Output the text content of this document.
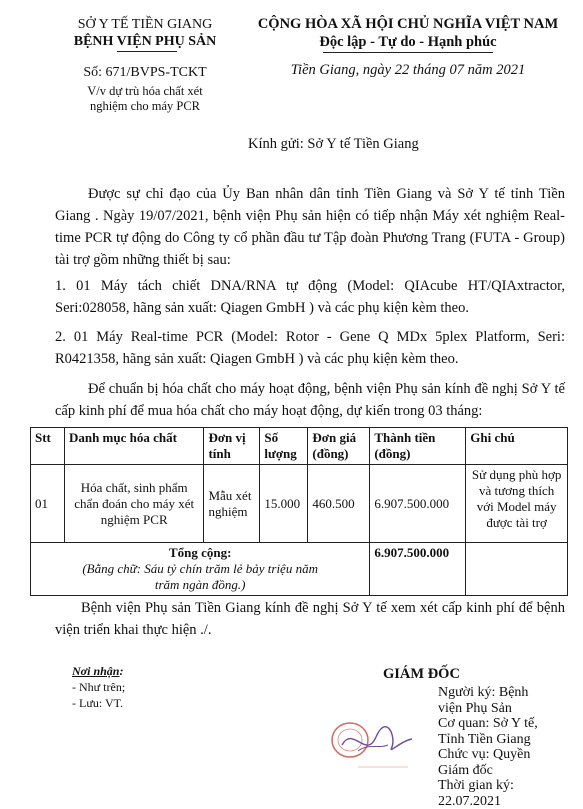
SỞ Y TẾ TIỀN GIANG
BỆNH VIỆN PHỤ SẢN
Số: 671/BVPS-TCKT
V/v dự trù hóa chất xét
nghiệm cho máy PCR
CỘNG HÒA XÃ HỘI CHỦ NGHĨA VIỆT NAM
Độc lập - Tự do - Hạnh phúc
Tiền Giang, ngày 22 tháng 07 năm 2021
Kính gửi: Sở Y tế Tiền Giang
Được sự chỉ đạo của Ủy Ban nhân dân tỉnh Tiền Giang và Sở Y tế tỉnh Tiền Giang . Ngày 19/07/2021, bệnh viện Phụ sản hiện có tiếp nhận Máy xét nghiệm Real-time PCR tự động do Công ty cổ phần đầu tư Tập đoàn Phương Trang (FUTA - Group) tài trợ gồm những thiết bị sau:
1. 01 Máy tách chiết DNA/RNA tự động (Model: QIAcube HT/QIAxtractor, Seri:028058, hãng sản xuất: Qiagen GmbH ) và các phụ kiện kèm theo.
2. 01 Máy Real-time PCR (Model: Rotor - Gene Q MDx 5plex Platform, Seri: R0421358, hãng sản xuất: Qiagen GmbH ) và các phụ kiện kèm theo.
Để chuẩn bị hóa chất cho máy hoạt động, bệnh viện Phụ sản kính đề nghị Sở Y tế cấp kinh phí để mua hóa chất cho máy hoạt động, dự kiến trong 03 tháng:
Stt	Danh mục hóa chất	Đơn vị tính	Số lượng	Đơn giá (đồng)	Thành tiền (đồng)	Ghi chú
01	Hóa chất, sinh phẩm chẩn đoán cho máy xét nghiệm PCR	Mẫu xét nghiệm	15.000	460.500	6.907.500.000	Sử dụng phù hợp và tương thích với Model máy được tài trợ

Tổng cộng:
(Bằng chữ: Sáu tỷ chín trăm lẻ bảy triệu năm trăm ngàn đồng.)					6.907.500.000	
Bệnh viện Phụ sản Tiền Giang kính đề nghị Sở Y tế xem xét cấp kinh phí để bệnh viện triển khai thực hiện ./.
Nơi nhận:
- Như trên;
- Lưu: VT.
GIÁM ĐỐC
Người ký: Bệnh
viện Phụ Sản
Cơ quan: Sở Y tế,
Tỉnh Tiền Giang
Chức vụ: Quyền
Giám đốc
Thời gian ký:
22.07.2021
